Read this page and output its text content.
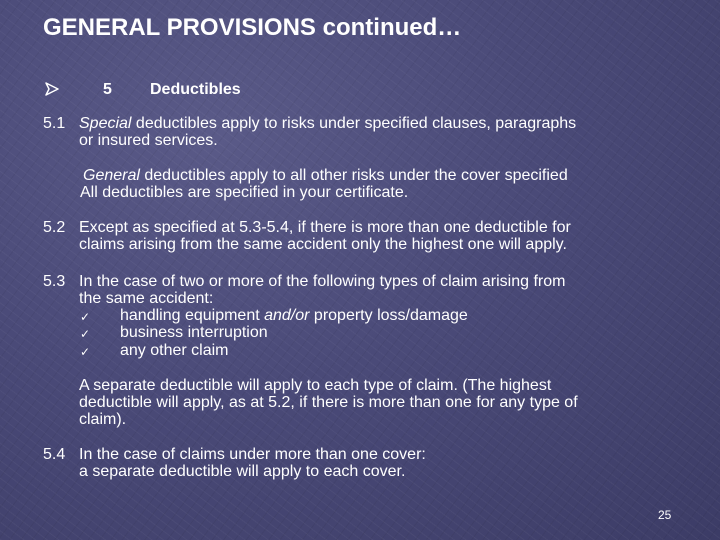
GENERAL PROVISIONS continued…
5 Deductibles
5.1 Special deductibles apply to risks under specified clauses, paragraphs
or insured services.
General deductibles apply to all other risks under the cover specified
All deductibles are specified in your certificate.
5.2 Except as specified at 5.3-5.4, if there is more than one deductible for
claims arising from the same accident only the highest one will apply.
5.3 In the case of two or more of the following types of claim arising from
the same accident:
✓ handling equipment and/or property loss/damage
✓ business interruption
✓ any other claim
A separate deductible will apply to each type of claim. (The highest
deductible will apply, as at 5.2, if there is more than one for any type of
claim).
5.4 In the case of claims under more than one cover:
a separate deductible will apply to each cover.
25
